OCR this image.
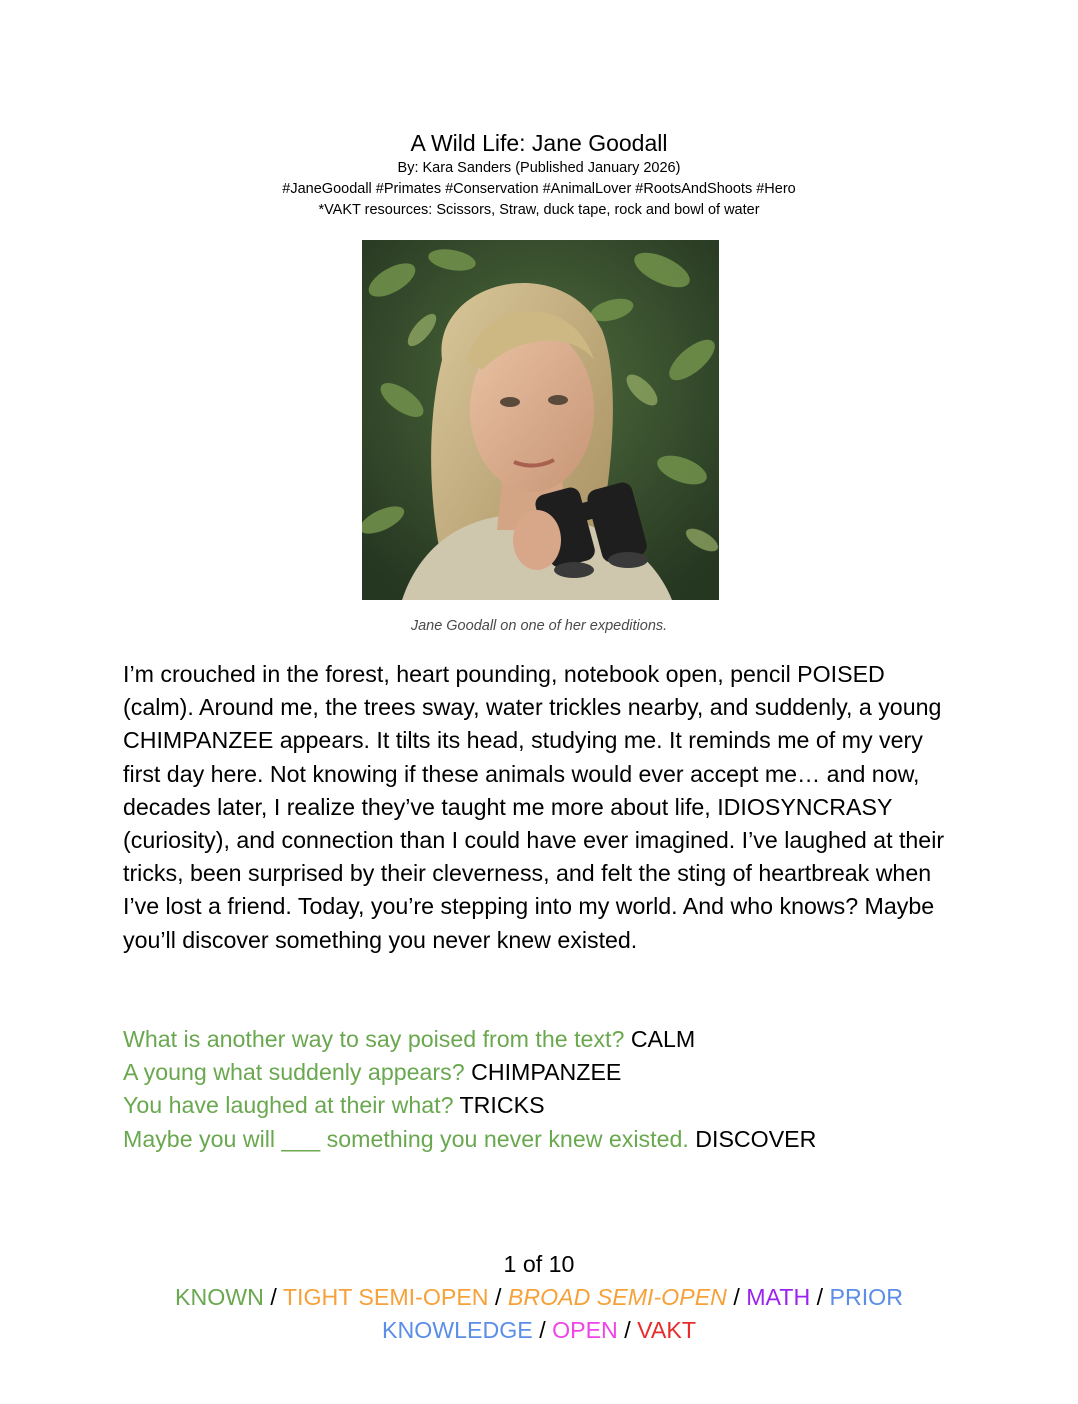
A Wild Life: Jane Goodall

By: Kara Sanders (Published January 2026)

#JaneGoodall #Primates #Conservation #AnimalLover #RootsAndShoots #Hero

*VAKT resources: Scissors, Straw, duck tape, rock and bowl of water

Jane Goodall on one of her expeditions.

I’m crouched in the forest, heart pounding, notebook open, pencil POISED (calm). Around me, the trees sway, water trickles nearby, and suddenly, a young CHIMPANZEE appears. It tilts its head, studying me. It reminds me of my very first day here. Not knowing if these animals would ever accept me… and now, decades later, I realize they’ve taught me more about life, IDIOSYNCRASY (curiosity), and connection than I could have ever imagined. I’ve laughed at their tricks, been surprised by their cleverness, and felt the sting of heartbreak when I’ve lost a friend. Today, you’re stepping into my world. And who knows? Maybe you’ll discover something you never knew existed.

What is another way to say poised from the text? CALM
A young what suddenly appears? CHIMPANZEE
You have laughed at their what? TRICKS
Maybe you will ___ something you never knew existed. DISCOVER
1 of 10
KNOWN / TIGHT SEMI-OPEN / BROAD SEMI-OPEN / MATH / PRIOR KNOWLEDGE / OPEN / VAKT
